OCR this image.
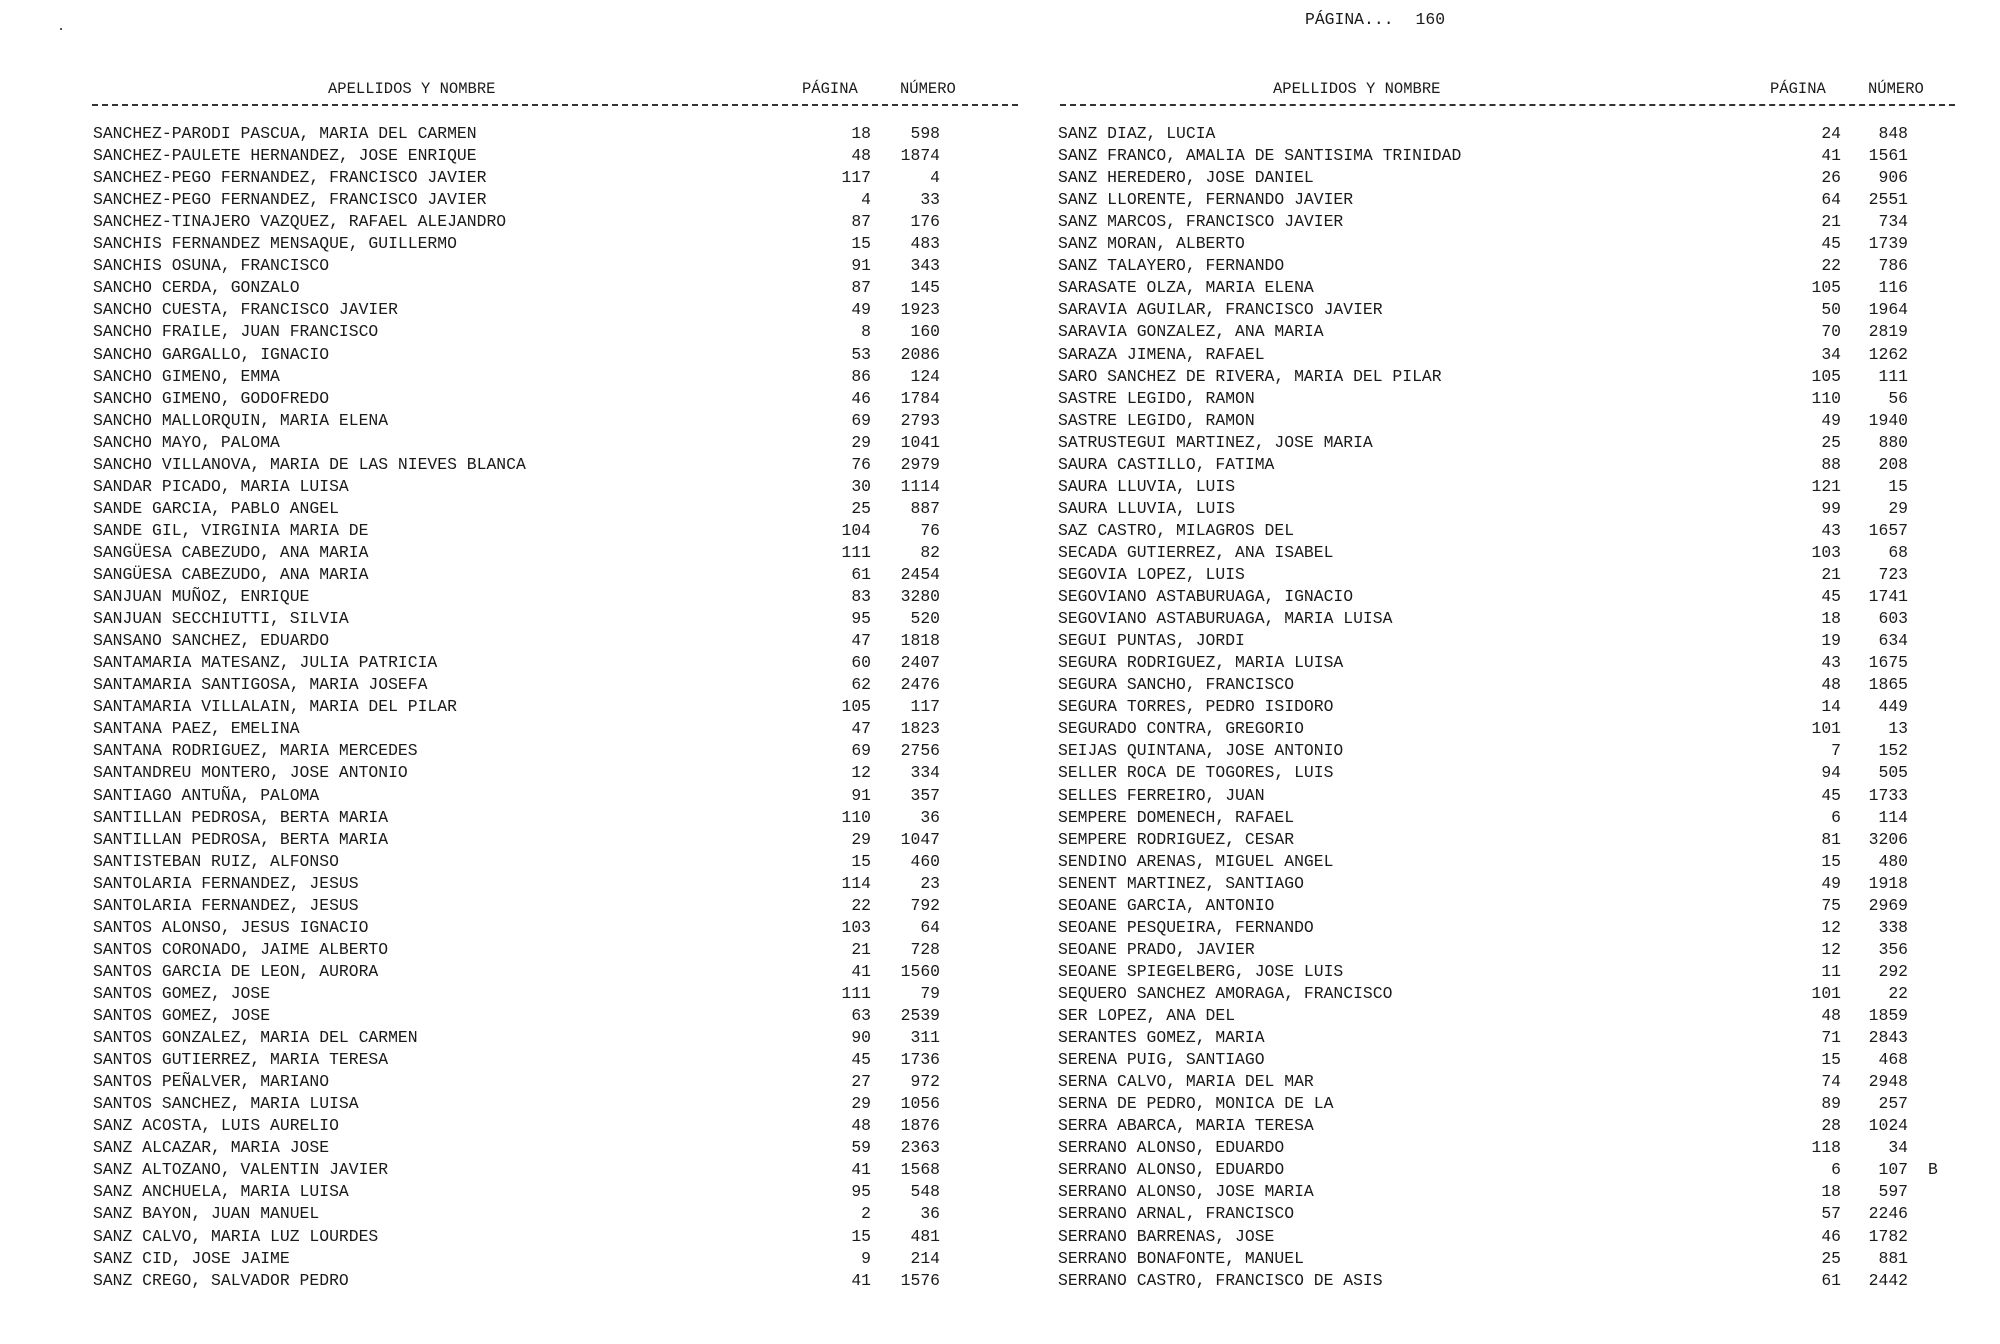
PÁGINA... 160
APELLIDOS Y NOMBRE	PÁGINA	NÚMERO	APELLIDOS Y NOMBRE	PÁGINA	NÚMERO
SANCHEZ-PARODI PASCUA, MARIA DEL CARMEN	18	598
SANCHEZ-PAULETE HERNANDEZ, JOSE ENRIQUE	48	1874
SANCHEZ-PEGO FERNANDEZ, FRANCISCO JAVIER	117	4
SANCHEZ-PEGO FERNANDEZ, FRANCISCO JAVIER	4	33
SANCHEZ-TINAJERO VAZQUEZ, RAFAEL ALEJANDRO	87	176
SANCHIS FERNANDEZ MENSAQUE, GUILLERMO	15	483
SANCHIS OSUNA, FRANCISCO	91	343
SANCHO CERDA, GONZALO	87	145
SANCHO CUESTA, FRANCISCO JAVIER	49	1923
SANCHO FRAILE, JUAN FRANCISCO	8	160
SANCHO GARGALLO, IGNACIO	53	2086
SANCHO GIMENO, EMMA	86	124
SANCHO GIMENO, GODOFREDO	46	1784
SANCHO MALLORQUIN, MARIA ELENA	69	2793
SANCHO MAYO, PALOMA	29	1041
SANCHO VILLANOVA, MARIA DE LAS NIEVES BLANCA	76	2979
SANDAR PICADO, MARIA LUISA	30	1114
SANDE GARCIA, PABLO ANGEL	25	887
SANDE GIL, VIRGINIA MARIA DE	104	76
SANGÜESA CABEZUDO, ANA MARIA	111	82
SANGÜESA CABEZUDO, ANA MARIA	61	2454
SANJUAN MUÑOZ, ENRIQUE	83	3280
SANJUAN SECCHIUTTI, SILVIA	95	520
SANSANO SANCHEZ, EDUARDO	47	1818
SANTAMARIA MATESANZ, JULIA PATRICIA	60	2407
SANTAMARIA SANTIGOSA, MARIA JOSEFA	62	2476
SANTAMARIA VILLALAIN, MARIA DEL PILAR	105	117
SANTANA PAEZ, EMELINA	47	1823
SANTANA RODRIGUEZ, MARIA MERCEDES	69	2756
SANTANDREU MONTERO, JOSE ANTONIO	12	334
SANTIAGO ANTUÑA, PALOMA	91	357
SANTILLAN PEDROSA, BERTA MARIA	110	36
SANTILLAN PEDROSA, BERTA MARIA	29	1047
SANTISTEBAN RUIZ, ALFONSO	15	460
SANTOLARIA FERNANDEZ, JESUS	114	23
SANTOLARIA FERNANDEZ, JESUS	22	792
SANTOS ALONSO, JESUS IGNACIO	103	64
SANTOS CORONADO, JAIME ALBERTO	21	728
SANTOS GARCIA DE LEON, AURORA	41	1560
SANTOS GOMEZ, JOSE	111	79
SANTOS GOMEZ, JOSE	63	2539
SANTOS GONZALEZ, MARIA DEL CARMEN	90	311
SANTOS GUTIERREZ, MARIA TERESA	45	1736
SANTOS PEÑALVER, MARIANO	27	972
SANTOS SANCHEZ, MARIA LUISA	29	1056
SANZ ACOSTA, LUIS AURELIO	48	1876
SANZ ALCAZAR, MARIA JOSE	59	2363
SANZ ALTOZANO, VALENTIN JAVIER	41	1568
SANZ ANCHUELA, MARIA LUISA	95	548
SANZ BAYON, JUAN MANUEL	2	36
SANZ CALVO, MARIA LUZ LOURDES	15	481
SANZ CID, JOSE JAIME	9	214
SANZ CREGO, SALVADOR PEDRO	41	1576
SANZ DIAZ, LUCIA	24	848
SANZ FRANCO, AMALIA DE SANTISIMA TRINIDAD	41	1561
SANZ HEREDERO, JOSE DANIEL	26	906
SANZ LLORENTE, FERNANDO JAVIER	64	2551
SANZ MARCOS, FRANCISCO JAVIER	21	734
SANZ MORAN, ALBERTO	45	1739
SANZ TALAYERO, FERNANDO	22	786
SARASATE OLZA, MARIA ELENA	105	116
SARAVIA AGUILAR, FRANCISCO JAVIER	50	1964
SARAVIA GONZALEZ, ANA MARIA	70	2819
SARAZA JIMENA, RAFAEL	34	1262
SARO SANCHEZ DE RIVERA, MARIA DEL PILAR	105	111
SASTRE LEGIDO, RAMON	110	56
SASTRE LEGIDO, RAMON	49	1940
SATRUSTEGUI MARTINEZ, JOSE MARIA	25	880
SAURA CASTILLO, FATIMA	88	208
SAURA LLUVIA, LUIS	121	15
SAURA LLUVIA, LUIS	99	29
SAZ CASTRO, MILAGROS DEL	43	1657
SECADA GUTIERREZ, ANA ISABEL	103	68
SEGOVIA LOPEZ, LUIS	21	723
SEGOVIANO ASTABURUAGA, IGNACIO	45	1741
SEGOVIANO ASTABURUAGA, MARIA LUISA	18	603
SEGUI PUNTAS, JORDI	19	634
SEGURA RODRIGUEZ, MARIA LUISA	43	1675
SEGURA SANCHO, FRANCISCO	48	1865
SEGURA TORRES, PEDRO ISIDORO	14	449
SEGURADO CONTRA, GREGORIO	101	13
SEIJAS QUINTANA, JOSE ANTONIO	7	152
SELLER ROCA DE TOGORES, LUIS	94	505
SELLES FERREIRO, JUAN	45	1733
SEMPERE DOMENECH, RAFAEL	6	114
SEMPERE RODRIGUEZ, CESAR	81	3206
SENDINO ARENAS, MIGUEL ANGEL	15	480
SENENT MARTINEZ, SANTIAGO	49	1918
SEOANE GARCIA, ANTONIO	75	2969
SEOANE PESQUEIRA, FERNANDO	12	338
SEOANE PRADO, JAVIER	12	356
SEOANE SPIEGELBERG, JOSE LUIS	11	292
SEQUERO SANCHEZ AMORAGA, FRANCISCO	101	22
SER LOPEZ, ANA DEL	48	1859
SERANTES GOMEZ, MARIA	71	2843
SERENA PUIG, SANTIAGO	15	468
SERNA CALVO, MARIA DEL MAR	74	2948
SERNA DE PEDRO, MONICA DE LA	89	257
SERRA ABARCA, MARIA TERESA	28	1024
SERRANO ALONSO, EDUARDO	118	34
SERRANO ALONSO, EDUARDO	6	107 B
SERRANO ALONSO, JOSE MARIA	18	597
SERRANO ARNAL, FRANCISCO	57	2246
SERRANO BARRENAS, JOSE	46	1782
SERRANO BONAFONTE, MANUEL	25	881
SERRANO CASTRO, FRANCISCO DE ASIS	61	2442
